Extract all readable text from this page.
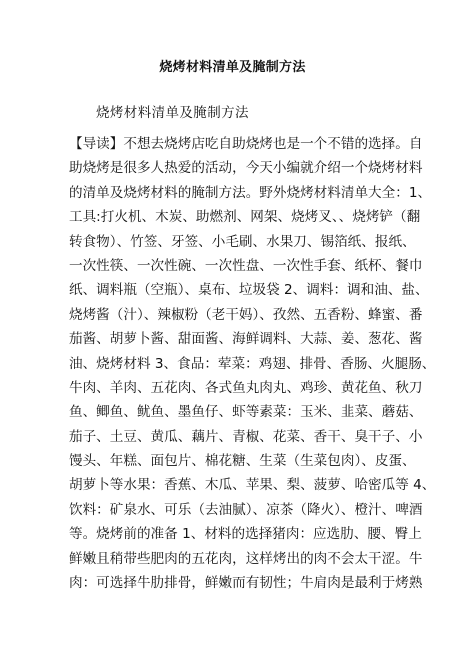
烧烤材料清单及腌制方法
烧烤材料清单及腌制方法
【导读】不想去烧烤店吃自助烧烤也是一个不错的选择。自
助烧烤是很多人热爱的活动，今天小编就介绍一个烧烤材料
的清单及烧烤材料的腌制方法。野外烧烤材料清单大全：1、
工具:打火机、木炭、助燃剂、网架、烧烤叉、、烧烤铲（翻
转食物）、竹签、牙签、小毛刷、水果刀、锡箔纸、报纸、
一次性筷、一次性碗、一次性盘、一次性手套、纸杯、餐巾
纸、调料瓶（空瓶）、桌布、垃圾袋 2、调料：调和油、盐、
烧烤酱（汁）、辣椒粉（老干妈）、孜然、五香粉、蜂蜜、番
茄酱、胡萝卜酱、甜面酱、海鲜调料、大蒜、姜、葱花、酱
油、烧烤材料 3、食品：荤菜：鸡翅、排骨、香肠、火腿肠、
牛肉、羊肉、五花肉、各式鱼丸肉丸、鸡珍、黄花鱼、秋刀
鱼、鲫鱼、鱿鱼、墨鱼仔、虾等素菜：玉米、韭菜、蘑菇、
茄子、土豆、黄瓜、藕片、青椒、花菜、香干、臭干子、小
馒头、年糕、面包片、棉花糖、生菜（生菜包肉）、皮蛋、
胡萝卜等水果：香蕉、木瓜、苹果、梨、菠萝、哈密瓜等 4、
饮料：矿泉水、可乐（去油腻）、凉茶（降火）、橙汁、啤酒
等。烧烤前的准备 1、材料的选择猪肉：应选肋、腰、臀上
鲜嫩且稍带些肥肉的五花肉，这样烤出的肉不会太干涩。牛
肉：可选择牛肋排骨，鲜嫩而有韧性；牛肩肉是最利于烤熟
